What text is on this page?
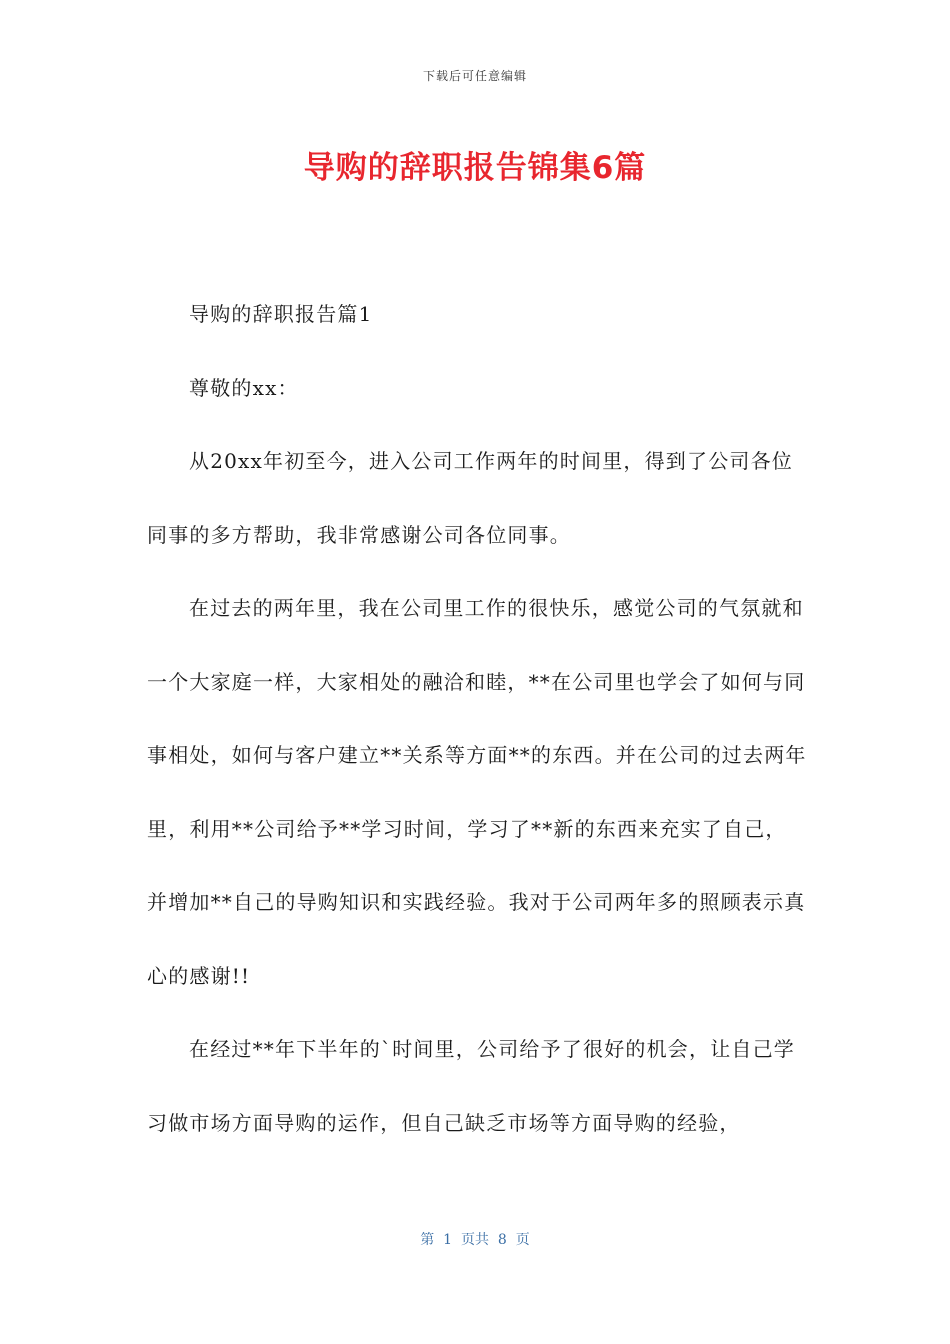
下载后可任意编辑
导购的辞职报告锦集6篇

导购的辞职报告篇1

尊敬的xx：

从20xx年初至今，进入公司工作两年的时间里，得到了公司各位同事的多方帮助，我非常感谢公司各位同事。

在过去的两年里，我在公司里工作的很快乐，感觉公司的气氛就和一个大家庭一样，大家相处的融洽和睦，**在公司里也学会了如何与同事相处，如何与客户建立**关系等方面**的东西。并在公司的过去两年里，利用**公司给予**学习时间，学习了**新的东西来充实了自己，并增加**自己的导购知识和实践经验。我对于公司两年多的照顾表示真心的感谢!!

在经过**年下半年的`时间里，公司给予了很好的机会，让自己学习做市场方面导购的运作，但自己缺乏市场等方面导购的经验，

第  1  页共  8  页
